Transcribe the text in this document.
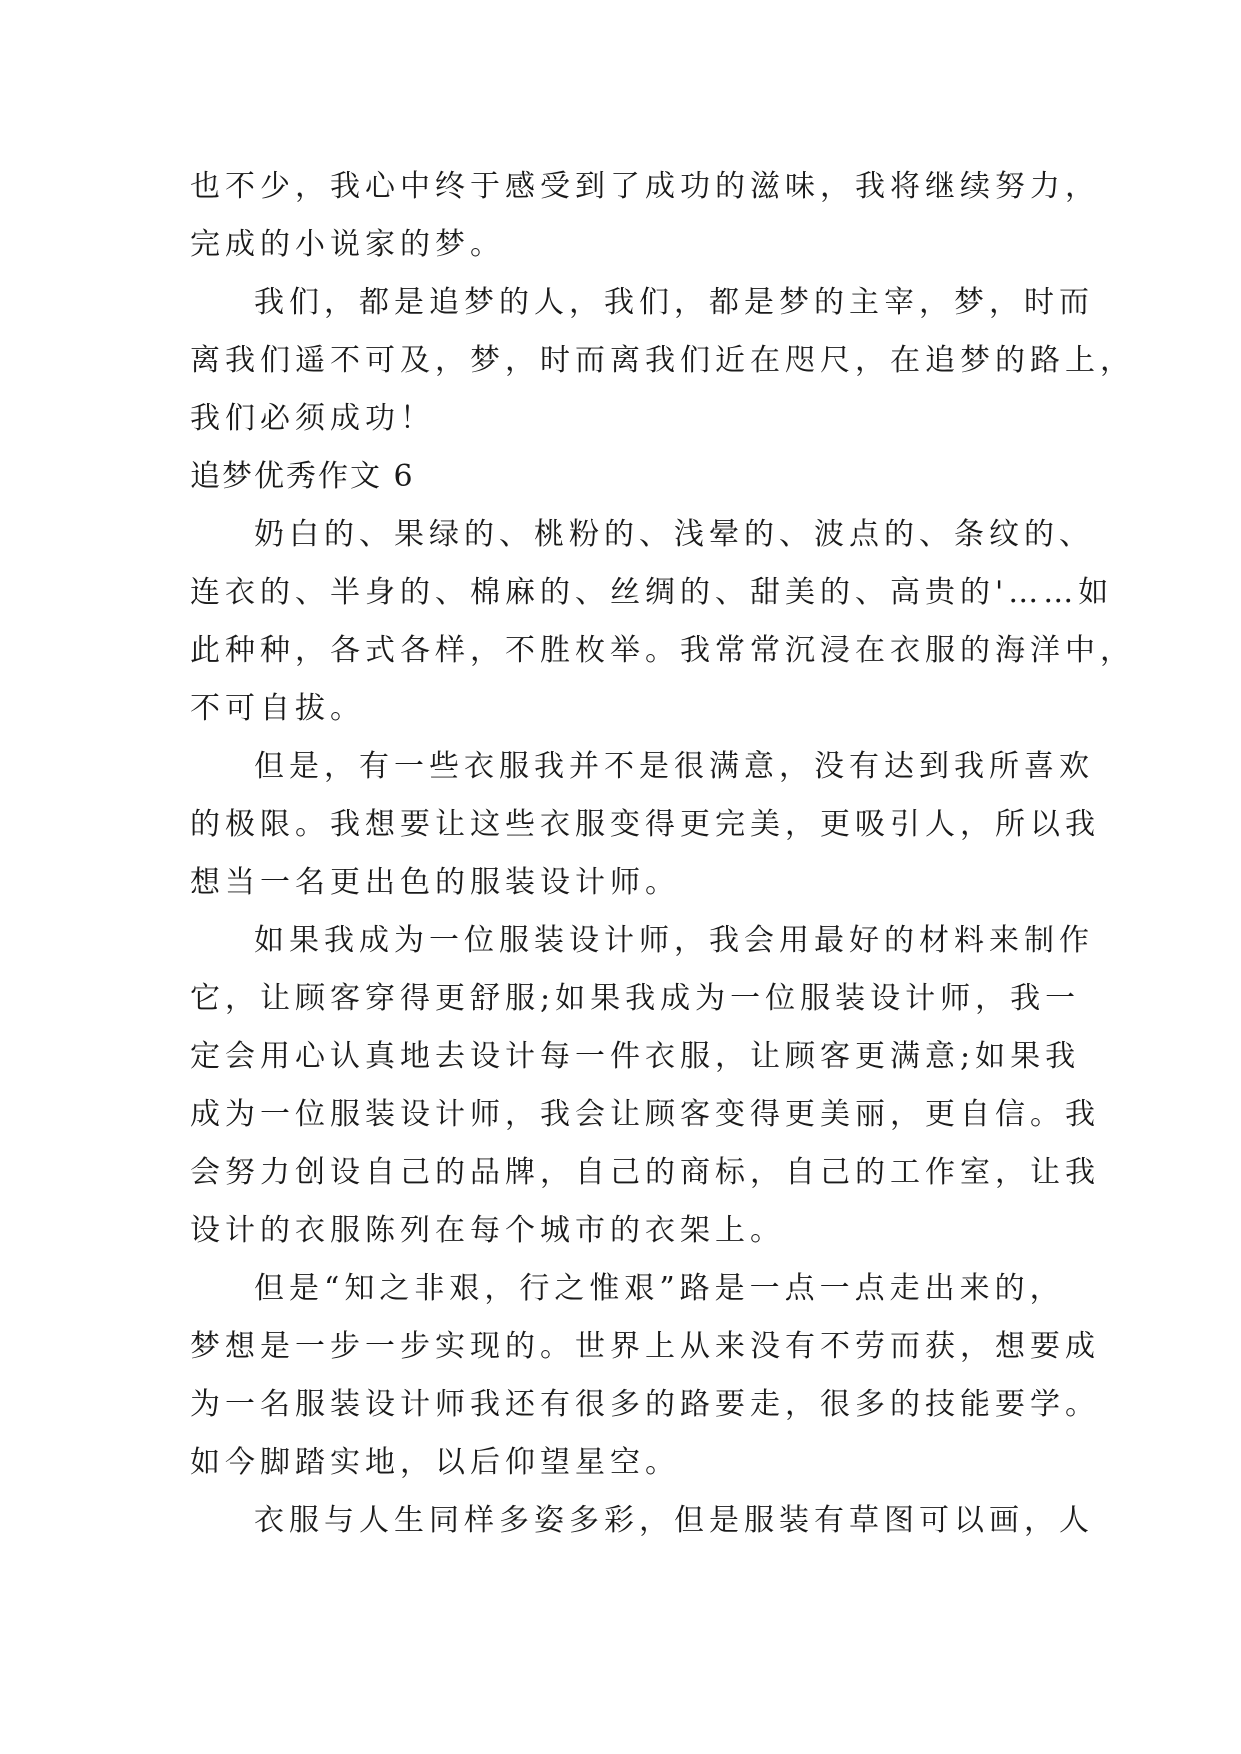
也不少，我心中终于感受到了成功的滋味，我将继续努力，
完成的小说家的梦。
我们，都是追梦的人，我们，都是梦的主宰，梦，时而
离我们遥不可及，梦，时而离我们近在咫尺，在追梦的路上，
我们必须成功！
追梦优秀作文 6
奶白的、果绿的、桃粉的、浅晕的、波点的、条纹的、
连衣的、半身的、棉麻的、丝绸的、甜美的、高贵的'……如
此种种，各式各样，不胜枚举。我常常沉浸在衣服的海洋中，
不可自拔。
但是，有一些衣服我并不是很满意，没有达到我所喜欢
的极限。我想要让这些衣服变得更完美，更吸引人，所以我
想当一名更出色的服装设计师。
如果我成为一位服装设计师，我会用最好的材料来制作
它，让顾客穿得更舒服;如果我成为一位服装设计师，我一
定会用心认真地去设计每一件衣服，让顾客更满意;如果我
成为一位服装设计师，我会让顾客变得更美丽，更自信。我
会努力创设自己的品牌，自己的商标，自己的工作室，让我
设计的衣服陈列在每个城市的衣架上。
但是“知之非艰，行之惟艰”路是一点一点走出来的，
梦想是一步一步实现的。世界上从来没有不劳而获，想要成
为一名服装设计师我还有很多的路要走，很多的技能要学。
如今脚踏实地，以后仰望星空。
衣服与人生同样多姿多彩，但是服装有草图可以画，人
